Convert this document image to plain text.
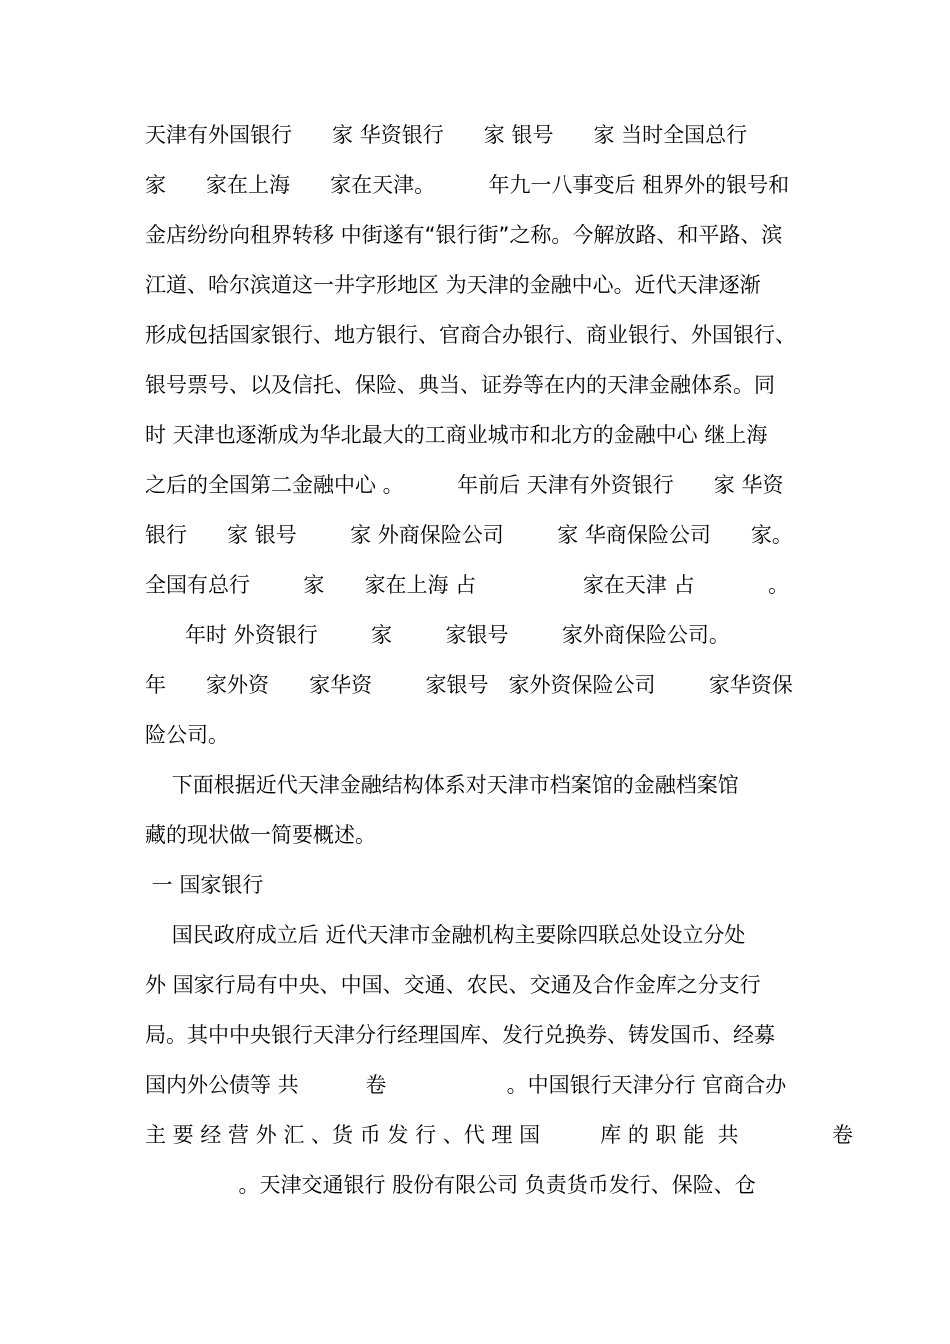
天津有外国银行      家 华资银行      家 银号      家 当时全国总行
家      家在上海      家在天津。        年九一八事变后 租界外的银号和
金店纷纷向租界转移 中街遂有“银行街”之称。今解放路、和平路、滨
江道、哈尔滨道这一井字形地区 为天津的金融中心。近代天津逐渐
形成包括国家银行、地方银行、官商合办银行、商业银行、外国银行、
银号票号、以及信托、保险、典当、证券等在内的天津金融体系。同
时 天津也逐渐成为华北最大的工商业城市和北方的金融中心 继上海
之后的全国第二金融中心 。        年前后 天津有外资银行      家 华资
银行      家 银号        家 外商保险公司        家 华商保险公司      家。
全国有总行        家      家在上海 占                家在天津 占           。
年时 外资银行        家        家银号        家外商保险公司。
年      家外资      家华资        家银号   家外资保险公司        家华资保
险公司。
下面根据近代天津金融结构体系对天津市档案馆的金融档案馆
藏的现状做一简要概述。
一 国家银行
国民政府成立后 近代天津市金融机构主要除四联总处设立分处
外 国家行局有中央、中国、交通、农民、交通及合作金库之分支行
局。其中中央银行天津分行经理国库、发行兑换券、铸发国币、经募
国内外公债等 共          卷                  。中国银行天津分行 官商合办
主 要 经 营 外 汇 、货 币 发 行 、代 理 国         库 的 职 能  共              卷
。天津交通银行 股份有限公司 负责货币发行、保险、仓
